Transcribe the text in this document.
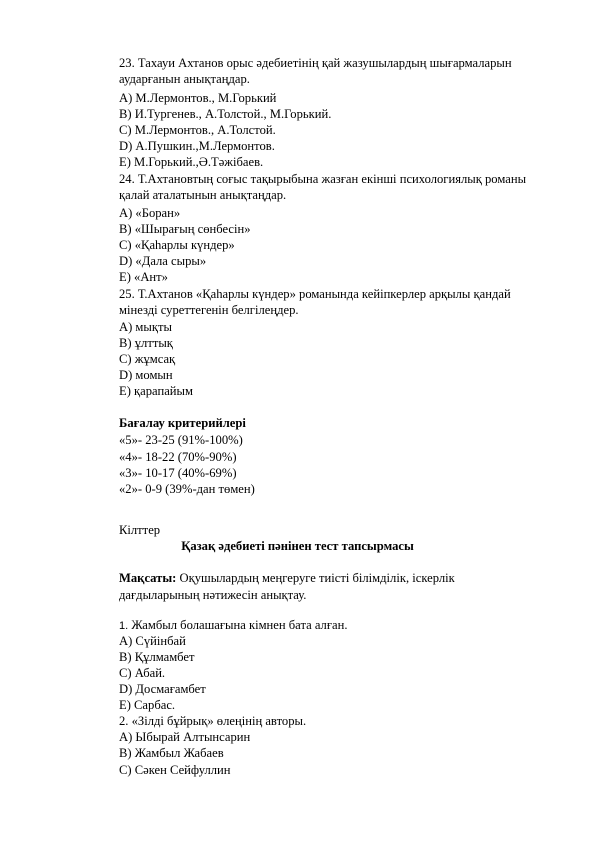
23. Тахауи Ахтанов орыс әдебиетінің қай жазушылардың шығармаларын
аударғанын анықтаңдар.
А) М.Лермонтов., М.Горький
В) И.Тургенев., А.Толстой., М.Горький.
С) М.Лермонтов., А.Толстой.
D) А.Пушкин.,М.Лермонтов.
Е) М.Горький.,Ә.Тәжібаев.
24. Т.Ахтановтың соғыс тақырыбына жазған екінші психологиялық романы
қалай аталатынын анықтаңдар.
А) «Боран»
В) «Шырағың сөнбесін»
С) «Қаһарлы күндер»
D) «Дала сыры»
Е) «Ант»
25. Т.Ахтанов «Қаһарлы күндер» романында кейіпкерлер арқылы қандай
мінезді суреттегенін белгілеңдер.
А) мықты
В) ұлттық
С) жұмсақ
D) момын
Е) қарапайым
Бағалау критерийлері
«5»- 23-25 (91%-100%)
«4»- 18-22 (70%-90%)
«3»- 10-17 (40%-69%)
«2»- 0-9 (39%-дан төмен)
Кілттер
Қазақ әдебиеті пәнінен тест тапсырмасы
Мақсаты: Оқушылардың меңгеруге тиісті білімділік, іскерлік
дағдыларының нәтижесін анықтау.
1. Жамбыл болашағына кімнен бата алған.
А) Сүйінбай
В) Құлмамбет
С) Абай.
D) Досмағамбет
Е) Сарбас.
2. «Зілді бұйрық» өлеңінің авторы.
А) Ыбырай Алтынсарин
В) Жамбыл Жабаев
С) Сәкен Сейфуллин
